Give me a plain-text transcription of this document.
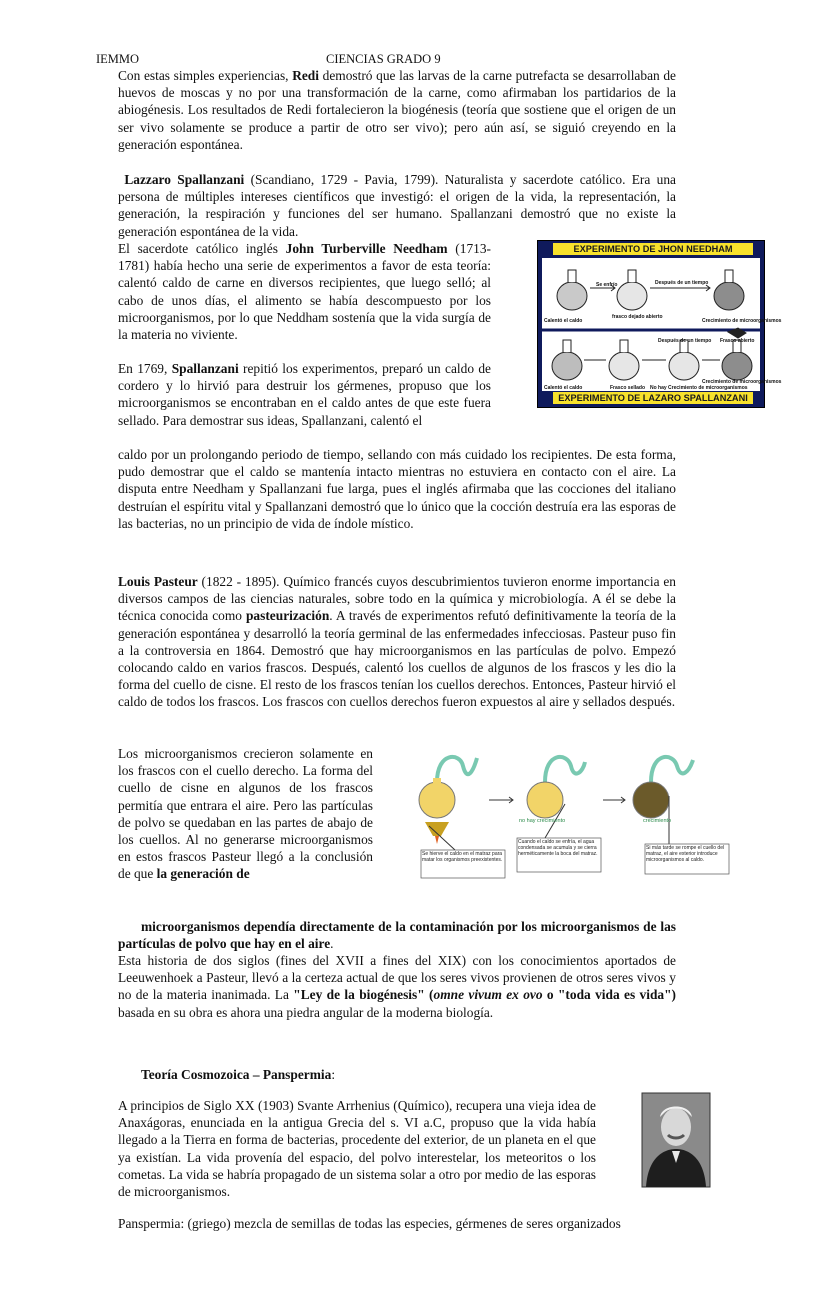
IEMMO	CIENCIAS GRADO 9
Con estas simples experiencias, Redi demostró que las larvas de la carne putrefacta se desarrollaban de huevos de moscas y no por una transformación de la carne, como afirmaban los partidarios de la abiogénesis. Los resultados de Redi fortalecieron la biogénesis (teoría que sostiene que el origen de un ser vivo solamente se produce a partir de otro ser vivo); pero aún así, se siguió creyendo en la generación espontánea.
Lazzaro Spallanzani (Scandiano, 1729 - Pavia, 1799). Naturalista y sacerdote católico. Era una persona de múltiples intereses científicos que investigó: el origen de la vida, la representación, la generación, la respiración y funciones del ser humano. Spallanzani demostró que no existe la generación espontánea de la vida.
El sacerdote católico inglés John Turberville Needham (1713- 1781) había hecho una serie de experimentos a favor de esta teoría: calentó caldo de carne en diversos recipientes, que luego selló; al cabo de unos días, el alimento se había descompuesto por los microorganismos, por lo que Neddham sostenía que la vida surgía de la materia no viviente.
En 1769, Spallanzani repitió los experimentos, preparó un caldo de cordero y lo hirvió para destruir los gérmenes, propuso que los microorganismos se encontraban en el caldo antes de que este fuera sellado. Para demostrar sus ideas, Spallanzani, calentó el
EXPERIMENTO DE JHON NEEDHAM
Se enfrío	Después de un tiempo
frasco dejado abierto
Calentó el caldo	Crecimiento de microorganismos
Después de un tiempo Frasco abierto
Calentó el caldo	Frasco sellado No hay Crecimiento de microorganismos
Crecimiento de microorganismos
EXPERIMENTO DE LAZARO SPALLANZANI
caldo por un prolongando periodo de tiempo, sellando con más cuidado los recipientes. De esta forma, pudo demostrar que el caldo se mantenía intacto mientras no estuviera en contacto con el aire. La disputa entre Needham y Spallanzani fue larga, pues el inglés afirmaba que las cocciones del italiano destruían el espíritu vital y Spallanzani demostró que lo único que la cocción destruía era las esporas de las bacterias, no un principio de vida de índole místico.
Louis Pasteur (1822 - 1895). Químico francés cuyos descubrimientos tuvieron enorme importancia en diversos campos de las ciencias naturales, sobre todo en la química y microbiología. A él se debe la técnica conocida como pasteurización. A través de experimentos refutó definitivamente la teoría de la generación espontánea y desarrolló la teoría germinal de las enfermedades infecciosas. Pasteur puso fin a la controversia en 1864. Demostró que hay microorganismos en las partículas de polvo. Empezó colocando caldo en varios frascos. Después, calentó los cuellos de algunos de los frascos y les dio la forma del cuello de cisne. El resto de los frascos tenían los cuellos derechos. Entonces, Pasteur hirvió el caldo de todos los frascos. Los frascos con cuellos derechos fueron expuestos al aire y sellados después.
Los microorganismos crecieron solamente en los frascos con el cuello derecho. La forma del cuello de cisne en algunos de los frascos permitía que entrara el aire. Pero las partículas de polvo se quedaban en las partes de abajo de los cuellos. Al no generarse microorganismos en estos frascos Pasteur llegó a la conclusión de que la generación de
no hay crecimiento	crecimiento
Se hierve el caldo en el matraz para matar los organismos preexistentes.
Cuando el caldo se enfría, el agua condensada se acumula y se cierra herméticamente la boca del matraz.
Si más tarde se rompe el cuello del matraz, el aire exterior introduce microorganismos al caldo.
microorganismos dependía directamente de la contaminación por los microorganismos de las partículas de polvo que hay en el aire.
Esta historia de dos siglos (fines del XVII a fines del XIX) con los conocimientos aportados de Leeuwenhoek a Pasteur, llevó a la certeza actual de que los seres vivos provienen de otros seres vivos y no de la materia inanimada. La "Ley de la biogénesis" (omne vivum ex ovo o "toda vida es vida") basada en su obra es ahora una piedra angular de la moderna biología.
Teoría Cosmozoica – Panspermia:
A principios de Siglo XX (1903) Svante Arrhenius (Químico), recupera una vieja idea de Anaxágoras, enunciada en la antigua Grecia del s. VI a.C, propuso que la vida había llegado a la Tierra en forma de bacterias, procedente del exterior, de un planeta en el que ya existían. La vida provenía del espacio, del polvo interestelar, los meteoritos o los cometas. La vida se habría propagado de un sistema solar a otro por medio de las esporas de microorganismos.
Panspermia: (griego) mezcla de semillas de todas las especies, gérmenes de seres organizados
